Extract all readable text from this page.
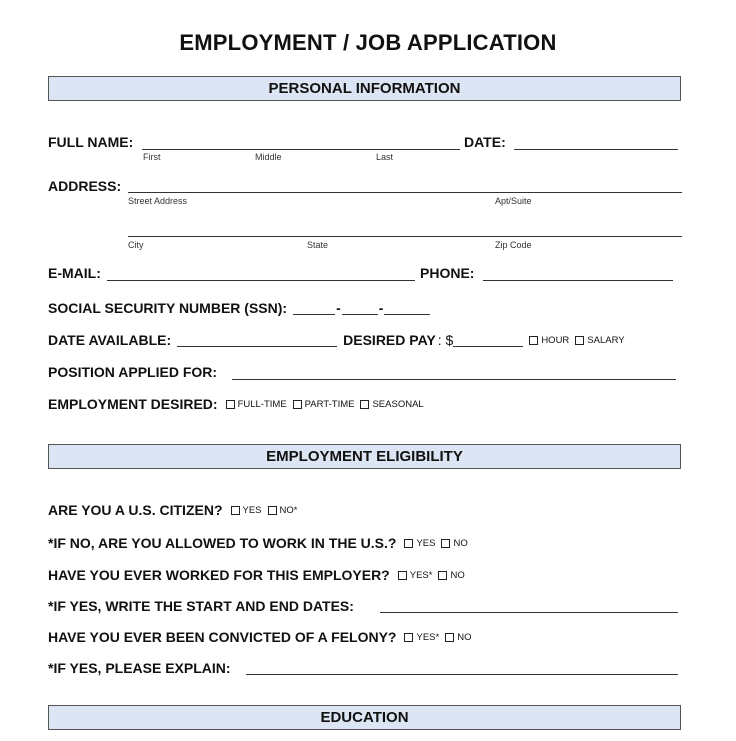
EMPLOYMENT / JOB APPLICATION
PERSONAL INFORMATION
FULL NAME:
First	Middle	Last
DATE:
ADDRESS:
Street Address	Apt/Suite
City	State	Zip Code
E-MAIL:	PHONE:
SOCIAL SECURITY NUMBER (SSN):	-	-
DATE AVAILABLE:	DESIRED PAY : $	HOUR SALARY
POSITION APPLIED FOR:
EMPLOYMENT DESIRED: FULL-TIME PART-TIME SEASONAL
EMPLOYMENT ELIGIBILITY
ARE YOU A U.S. CITIZEN? YES NO*
*IF NO, ARE YOU ALLOWED TO WORK IN THE U.S.? YES NO
HAVE YOU EVER WORKED FOR THIS EMPLOYER? YES* NO
*IF YES, WRITE THE START AND END DATES:
HAVE YOU EVER BEEN CONVICTED OF A FELONY? YES* NO
*IF YES, PLEASE EXPLAIN:
EDUCATION
